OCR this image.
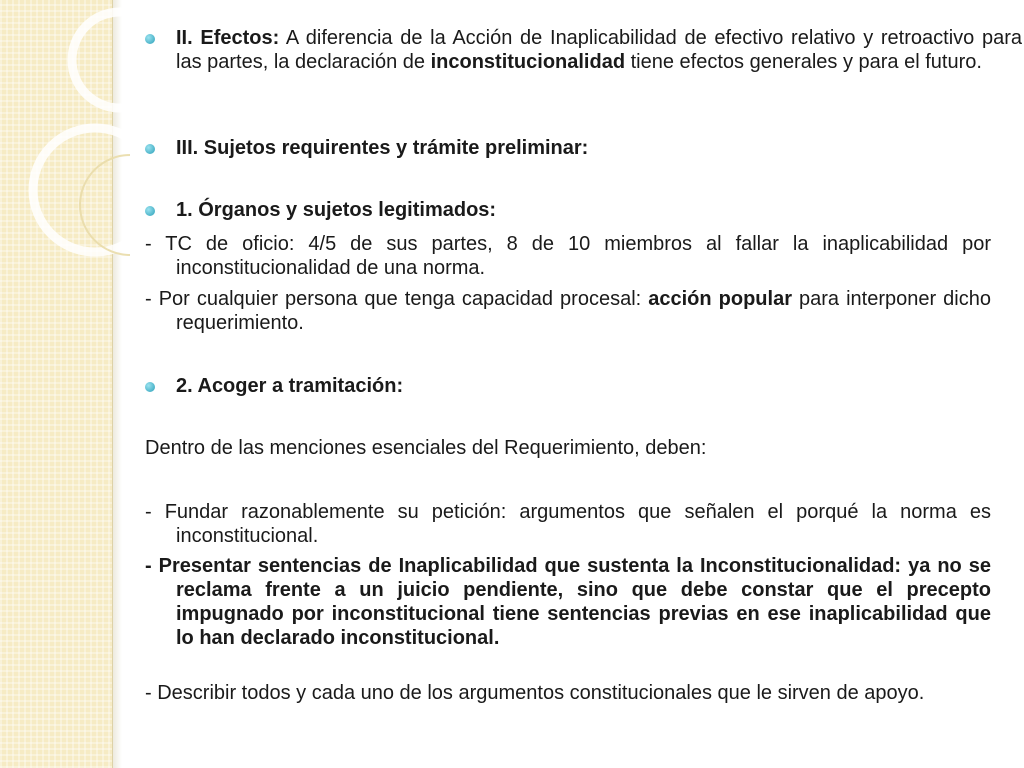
II. Efectos: A diferencia de la Acción de Inaplicabilidad de efectivo relativo y retroactivo para las partes, la declaración de inconstitucionalidad tiene efectos generales y para el futuro.

III. Sujetos requirentes y trámite preliminar:

1. Órganos y sujetos legitimados:

- TC de oficio: 4/5 de sus partes, 8 de 10 miembros al fallar la inaplicabilidad por inconstitucionalidad de una norma.

- Por cualquier persona que tenga capacidad procesal: acción popular para interponer dicho requerimiento.

2. Acoger a tramitación:

Dentro de las menciones esenciales del Requerimiento, deben:

- Fundar razonablemente su petición: argumentos que señalen el porqué la norma es inconstitucional.

- Presentar sentencias de Inaplicabilidad que sustenta la Inconstitucionalidad: ya no se reclama frente a un juicio pendiente, sino que debe constar que el precepto impugnado por inconstitucional tiene sentencias previas en ese inaplicabilidad que lo han declarado inconstitucional.

- Describir todos y cada uno de los argumentos constitucionales que le sirven de apoyo.
